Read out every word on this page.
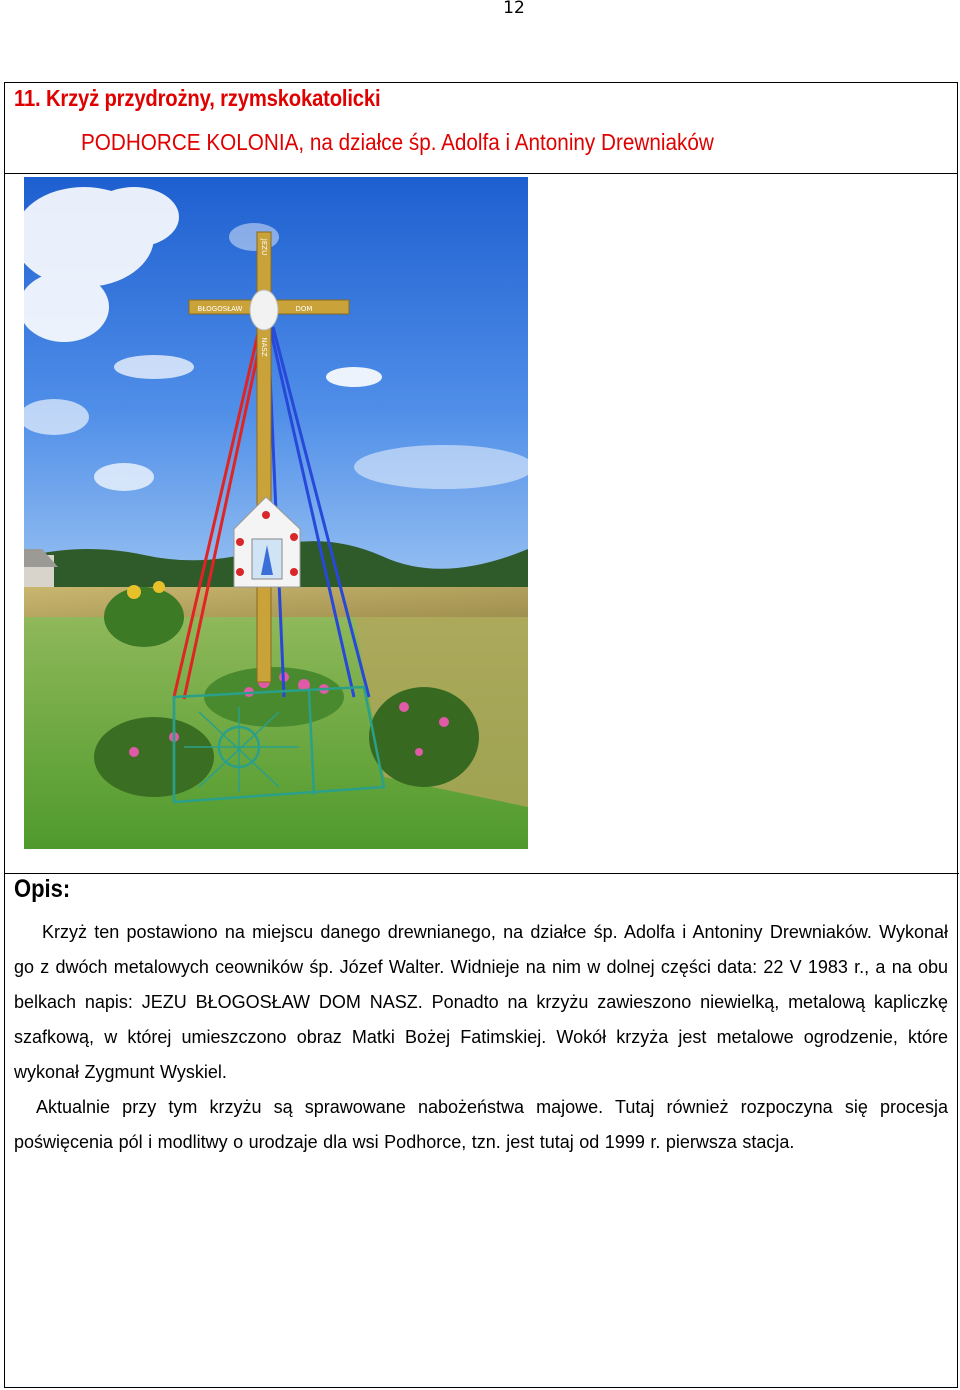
12
11. Krzyż przydrożny, rzymskokatolicki
PODHORCE KOLONIA, na działce śp. Adolfa i Antoniny Drewniaków
JEZU
BŁOGOSŁAW	DOM
NASZ
Opis:

Krzyż ten postawiono na miejscu danego drewnianego, na działce śp. Adolfa i Antoniny Drewniaków. Wykonał go z dwóch metalowych ceowników śp. Józef Walter. Widnieje na nim w dolnej części data: 22 V 1983 r., a na obu belkach napis: JEZU BŁOGOSŁAW DOM NASZ. Ponadto na krzyżu zawieszono niewielką, metalową kapliczkę szafkową, w której umieszczono obraz Matki Bożej Fatimskiej. Wokół krzyża jest metalowe ogrodzenie, które wykonał Zygmunt Wyskiel.

Aktualnie przy tym krzyżu są sprawowane nabożeństwa majowe. Tutaj również rozpoczyna się procesja poświęcenia pól i modlitwy o urodzaje dla wsi Podhorce, tzn. jest tutaj od 1999 r. pierwsza stacja.
